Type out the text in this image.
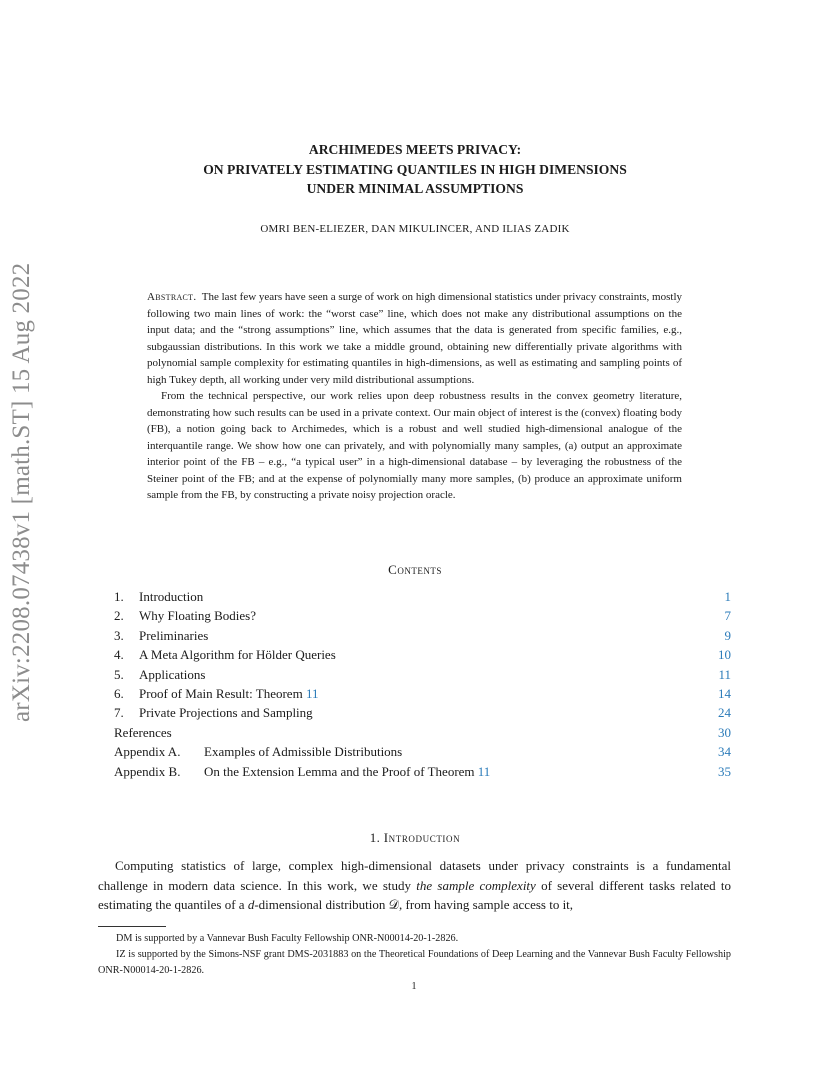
arXiv:2208.07438v1 [math.ST] 15 Aug 2022
ARCHIMEDES MEETS PRIVACY:
ON PRIVATELY ESTIMATING QUANTILES IN HIGH DIMENSIONS
UNDER MINIMAL ASSUMPTIONS
OMRI BEN-ELIEZER, DAN MIKULINCER, AND ILIAS ZADIK

Abstract. The last few years have seen a surge of work on high dimensional statistics under privacy constraints, mostly following two main lines of work: the “worst case” line, which does not make any distributional assumptions on the input data; and the “strong assumptions” line, which assumes that the data is generated from specific families, e.g., subgaussian distributions. In this work we take a middle ground, obtaining new differentially private algorithms with polynomial sample complexity for estimating quantiles in high-dimensions, as well as estimating and sampling points of high Tukey depth, all working under very mild distributional assumptions.

From the technical perspective, our work relies upon deep robustness results in the convex geometry literature, demonstrating how such results can be used in a private context. Our main object of interest is the (convex) floating body (FB), a notion going back to Archimedes, which is a robust and well studied high-dimensional analogue of the interquantile range. We show how one can privately, and with polynomially many samples, (a) output an approximate interior point of the FB – e.g., “a typical user” in a high-dimensional database – by leveraging the robustness of the Steiner point of the FB; and at the expense of polynomially many more samples, (b) produce an approximate uniform sample from the FB, by constructing a private noisy projection oracle.

Contents
1. Introduction	1
2. Why Floating Bodies?	7
3. Preliminaries	9
4. A Meta Algorithm for Hölder Queries	10
5. Applications	11
6. Proof of Main Result: Theorem 11	14
7. Private Projections and Sampling	24
References	30
Appendix A. Examples of Admissible Distributions	34
Appendix B. On the Extension Lemma and the Proof of Theorem 11	35
1. Introduction

Computing statistics of large, complex high-dimensional datasets under privacy constraints is a fundamental challenge in modern data science. In this work, we study the sample complexity of several different tasks related to estimating the quantiles of a d-dimensional distribution 𝒟, from having sample access to it,

DM is supported by a Vannevar Bush Faculty Fellowship ONR-N00014-20-1-2826.

IZ is supported by the Simons-NSF grant DMS-2031883 on the Theoretical Foundations of Deep Learning and the Vannevar Bush Faculty Fellowship ONR-N00014-20-1-2826.

1
